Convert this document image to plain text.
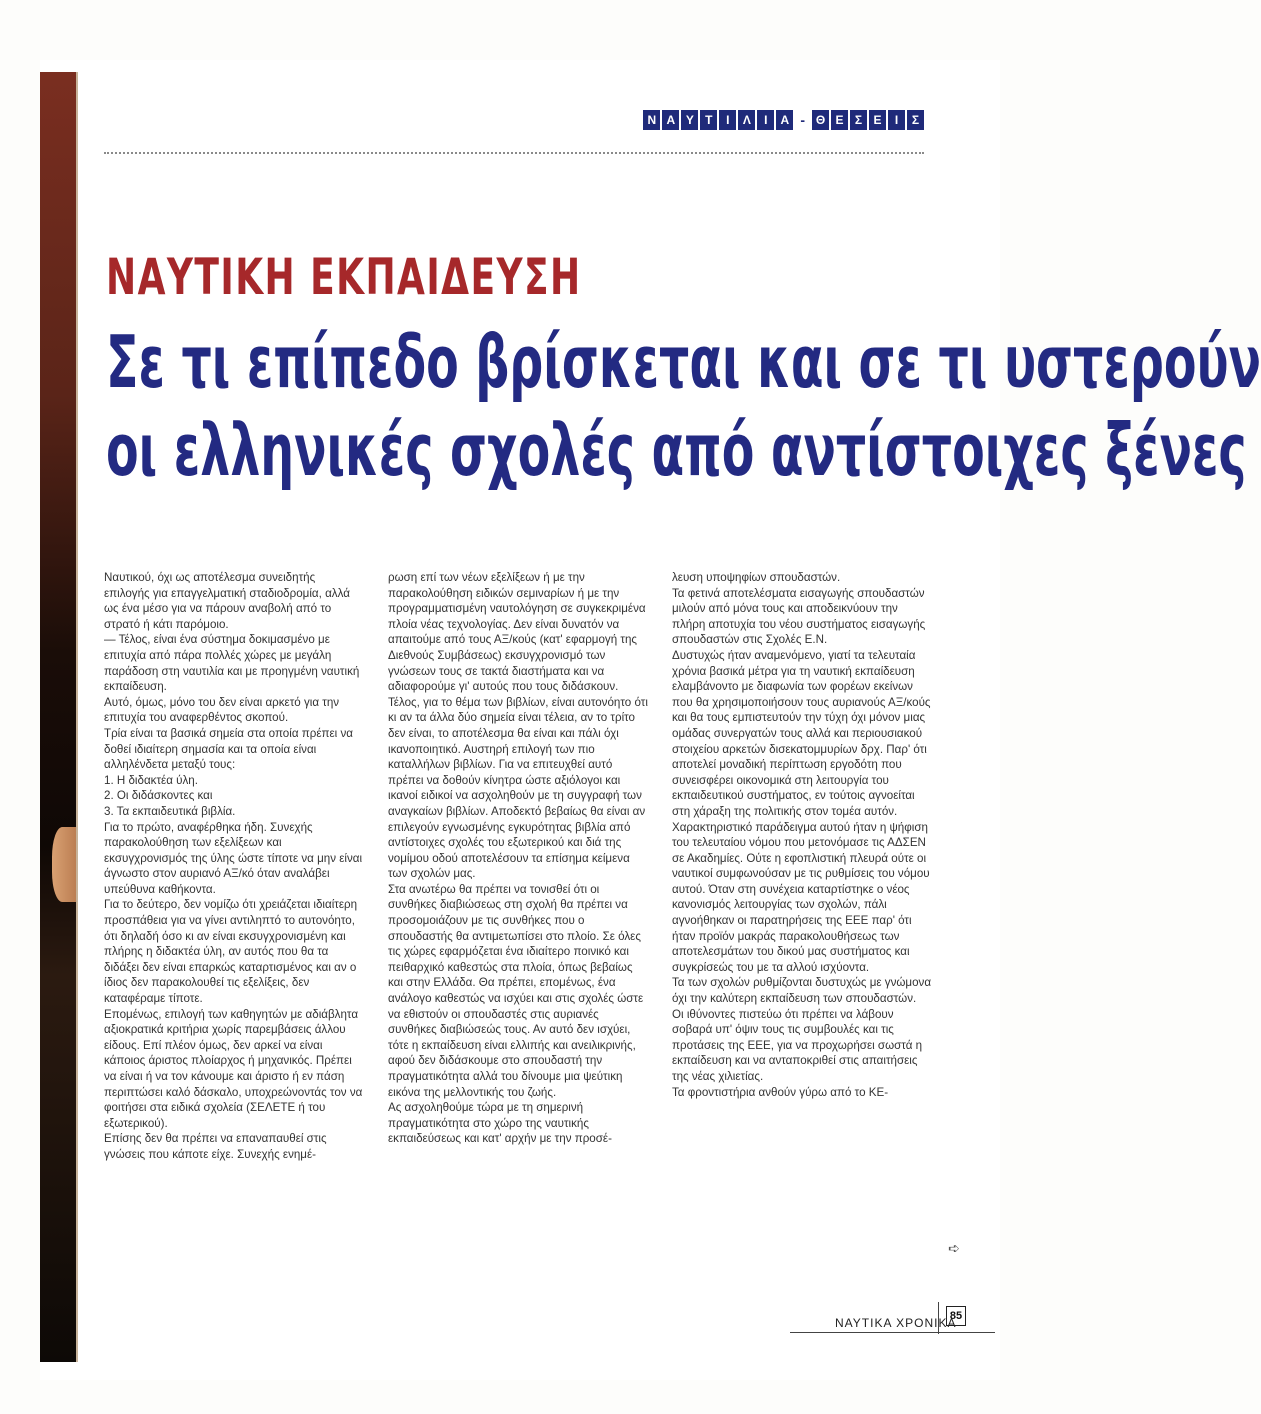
Ν Α Υ Τ	Ι	Λ	Ι	Α - Θ Ε Σ Ε	Ι	Σ
ΝΑΥΤΙΚΗ ΕΚΠΑΙΔΕΥΣΗ
Σε τι επίπεδο βρίσκεται και σε τι υστερούν
οι ελληνικές σχολές από αντίστοιχες ξένες

Ναυτικού, όχι ως αποτέλεσμα συνειδητής επιλογής για επαγγελματική σταδιοδρομία, αλλά ως ένα μέσο για να πάρουν αναβολή από το στρατό ή κάτι παρόμοιο.

— Τέλος, είναι ένα σύστημα δοκιμασμένο με επιτυχία από πάρα πολλές χώρες με μεγάλη παράδοση στη ναυτιλία και με προηγμένη ναυτική εκπαίδευση.

Αυτό, όμως, μόνο του δεν είναι αρκετό για την επιτυχία του αναφερθέντος σκοπού.

Τρία είναι τα βασικά σημεία στα οποία πρέπει να δοθεί ιδιαίτερη σημασία και τα οποία είναι αλληλένδετα μεταξύ τους:

1. Η διδακτέα ύλη.

2. Οι διδάσκοντες και

3. Τα εκπαιδευτικά βιβλία.

Για το πρώτο, αναφέρθηκα ήδη. Συνεχής παρακολούθηση των εξελίξεων και εκσυγχρονισμός της ύλης ώστε τίποτε να μην είναι άγνωστο στον αυριανό ΑΞ/κό όταν αναλάβει υπεύθυνα καθήκοντα.

Για το δεύτερο, δεν νομίζω ότι χρειάζεται ιδιαίτερη προσπάθεια για να γίνει αντιληπτό το αυτονόητο, ότι δηλαδή όσο κι αν είναι εκσυγχρονισμένη και πλήρης η διδακτέα ύλη, αν αυτός που θα τα διδάξει δεν είναι επαρκώς καταρτισμένος και αν ο ίδιος δεν παρακολουθεί τις εξελίξεις, δεν καταφέραμε τίποτε.

Επομένως, επιλογή των καθηγητών με αδιάβλητα αξιοκρατικά κριτήρια χωρίς παρεμβάσεις άλλου είδους. Επί πλέον όμως, δεν αρκεί να είναι κάποιος άριστος πλοίαρχος ή μηχανικός. Πρέπει να είναι ή να τον κάνουμε και άριστο ή εν πάση περιπτώσει καλό δάσκαλο, υποχρεώνοντάς τον να φοιτήσει στα ειδικά σχολεία (ΣΕΛΕΤΕ ή του εξωτερικού).

Επίσης δεν θα πρέπει να επαναπαυθεί στις γνώσεις που κάποτε είχε. Συνεχής ενημέ-

ρωση επί των νέων εξελίξεων ή με την παρακολούθηση ειδικών σεμιναρίων ή με την προγραμματισμένη ναυτολόγηση σε συγκεκριμένα πλοία νέας τεχνολογίας. Δεν είναι δυνατόν να απαιτούμε από τους ΑΞ/κούς (κατ' εφαρμογή της Διεθνούς Συμβάσεως) εκσυγχρονισμό των γνώσεων τους σε τακτά διαστήματα και να αδιαφορούμε γι' αυτούς που τους διδάσκουν.

Τέλος, για το θέμα των βιβλίων, είναι αυτονόητο ότι κι αν τα άλλα δύο σημεία είναι τέλεια, αν το τρίτο δεν είναι, το αποτέλεσμα θα είναι και πάλι όχι ικανοποιητικό. Αυστηρή επιλογή των πιο καταλλήλων βιβλίων. Για να επιτευχθεί αυτό πρέπει να δοθούν κίνητρα ώστε αξιόλογοι και ικανοί ειδικοί να ασχοληθούν με τη συγγραφή των αναγκαίων βιβλίων. Αποδεκτό βεβαίως θα είναι αν επιλεγούν εγνωσμένης εγκυρότητας βιβλία από αντίστοιχες σχολές του εξωτερικού και διά της νομίμου οδού αποτελέσουν τα επίσημα κείμενα των σχολών μας.

Στα ανωτέρω θα πρέπει να τονισθεί ότι οι συνθήκες διαβιώσεως στη σχολή θα πρέπει να προσομοιάζουν με τις συνθήκες που ο σπουδαστής θα αντιμετωπίσει στο πλοίο. Σε όλες τις χώρες εφαρμόζεται ένα ιδιαίτερο ποινικό και πειθαρχικό καθεστώς στα πλοία, όπως βεβαίως και στην Ελλάδα. Θα πρέπει, επομένως, ένα ανάλογο καθεστώς να ισχύει και στις σχολές ώστε να εθιστούν οι σπουδαστές στις αυριανές συνθήκες διαβιώσεώς τους. Αν αυτό δεν ισχύει, τότε η εκπαίδευση είναι ελλιπής και ανειλικρινής, αφού δεν διδάσκουμε στο σπουδαστή την πραγματικότητα αλλά του δίνουμε μια ψεύτικη εικόνα της μελλοντικής του ζωής.

Ας ασχοληθούμε τώρα με τη σημερινή πραγματικότητα στο χώρο της ναυτικής εκπαιδεύσεως και κατ' αρχήν με την προσέ-

λευση υποψηφίων σπουδαστών.

Τα φετινά αποτελέσματα εισαγωγής σπουδαστών μιλούν από μόνα τους και αποδεικνύουν την πλήρη αποτυχία του νέου συστήματος εισαγωγής σπουδαστών στις Σχολές Ε.Ν.

Δυστυχώς ήταν αναμενόμενο, γιατί τα τελευταία χρόνια βασικά μέτρα για τη ναυτική εκπαίδευση ελαμβάνοντο με διαφωνία των φορέων εκείνων που θα χρησιμοποιήσουν τους αυριανούς ΑΞ/κούς και θα τους εμπιστευτούν την τύχη όχι μόνον μιας ομάδας συνεργατών τους αλλά και περιουσιακού στοιχείου αρκετών δισεκατομμυρίων δρχ. Παρ' ότι αποτελεί μοναδική περίπτωση εργοδότη που συνεισφέρει οικονομικά στη λειτουργία του εκπαιδευτικού συστήματος, εν τούτοις αγνοείται στη χάραξη της πολιτικής στον τομέα αυτόν.

Χαρακτηριστικό παράδειγμα αυτού ήταν η ψήφιση του τελευταίου νόμου που μετονόμασε τις ΑΔΣΕΝ σε Ακαδημίες. Ούτε η εφοπλιστική πλευρά ούτε οι ναυτικοί συμφωνούσαν με τις ρυθμίσεις του νόμου αυτού. Όταν στη συνέχεια καταρτίστηκε ο νέος κανονισμός λειτουργίας των σχολών, πάλι αγνοήθηκαν οι παρατηρήσεις της ΕΕΕ παρ' ότι ήταν προϊόν μακράς παρακολουθήσεως των αποτελεσμάτων του δικού μας συστήματος και συγκρίσεώς του με τα αλλού ισχύοντα.

Τα των σχολών ρυθμίζονται δυστυχώς με γνώμονα όχι την καλύτερη εκπαίδευση των σπουδαστών.

Οι ιθύνοντες πιστεύω ότι πρέπει να λάβουν σοβαρά υπ' όψιν τους τις συμβουλές και τις προτάσεις της ΕΕΕ, για να προχωρήσει σωστά η εκπαίδευση και να ανταποκριθεί στις απαιτήσεις της νέας χιλιετίας.

Τα φροντιστήρια ανθούν γύρω από το ΚΕ-

➪
ΝΑΥΤΙΚΑ ΧΡΟΝΙΚΑ
85
